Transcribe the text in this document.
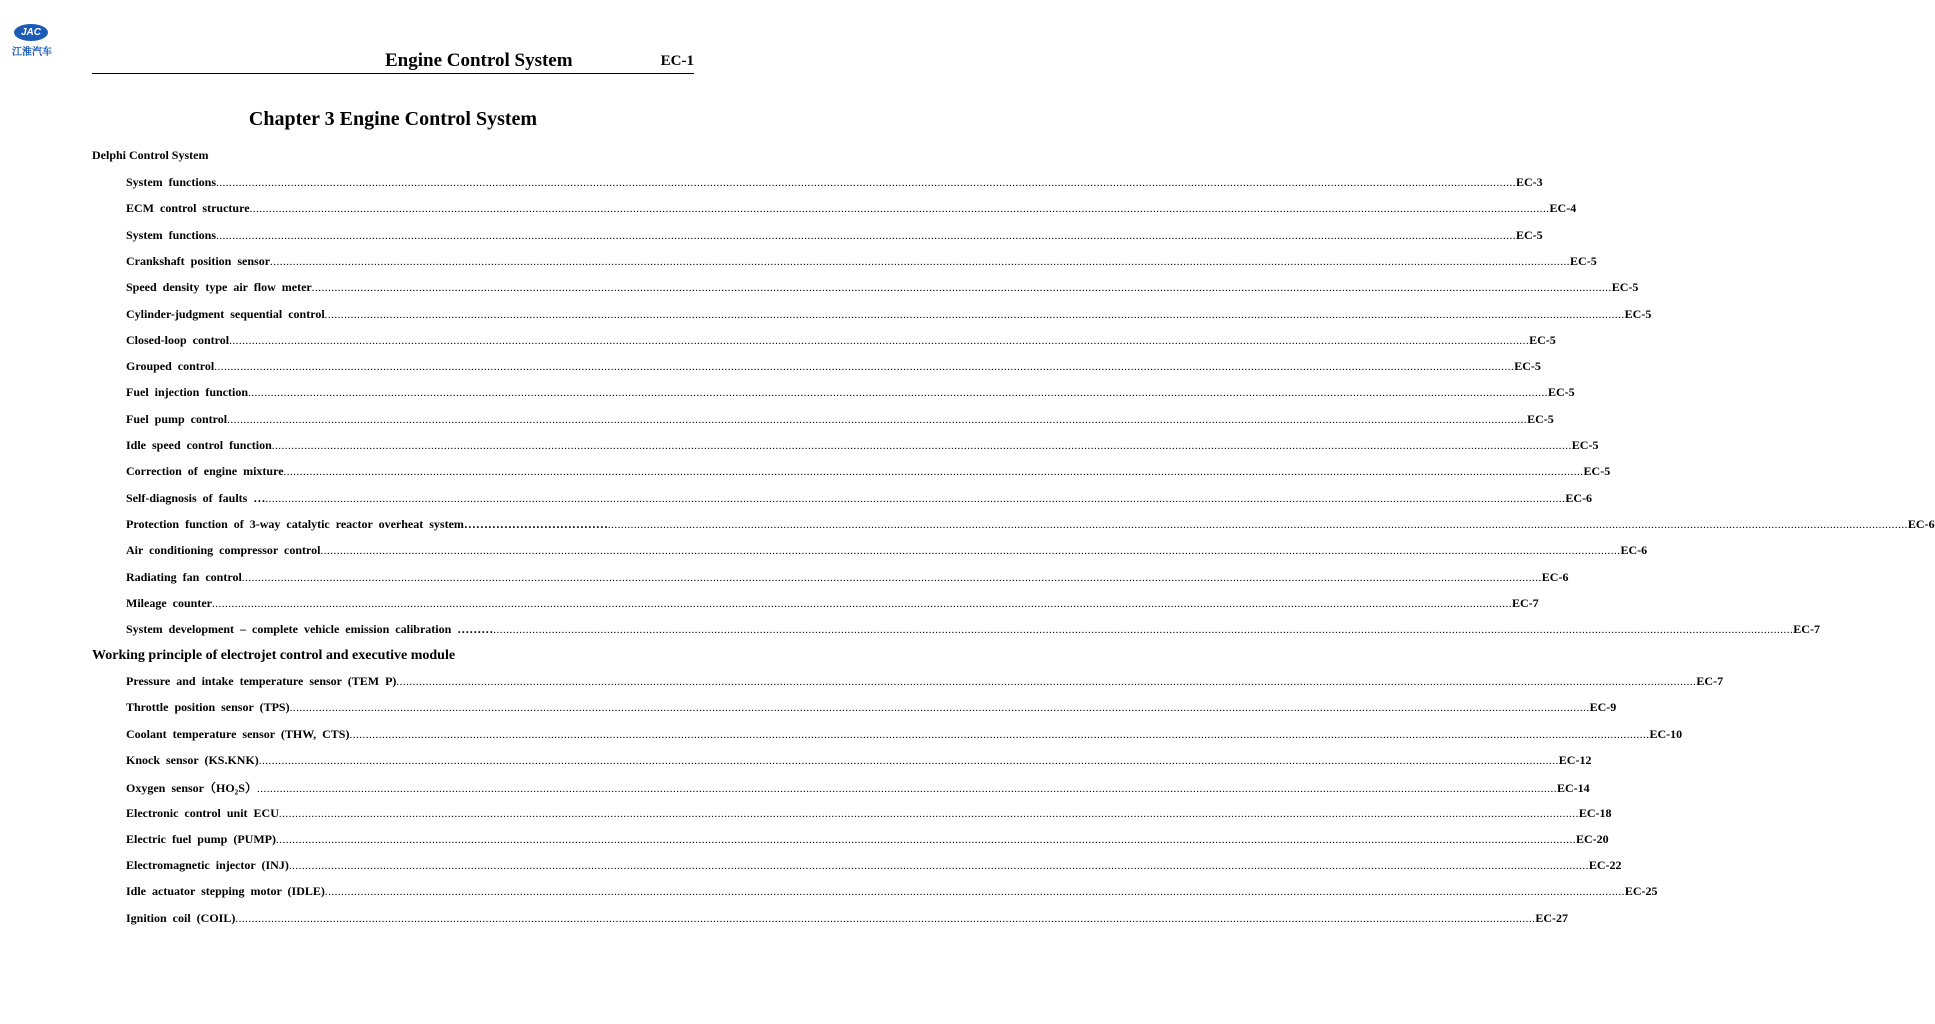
JAC
江淮汽车	Engine Control System	EC-1
Chapter 3 Engine Control System
Delphi Control System
System functions ................................................................................................................................................................................................................................................................................................................................................................................................................ EC-3
ECM control structure ................................................................................................................................................................................................................................................................................................................................................................................................................ EC-4
System functions ................................................................................................................................................................................................................................................................................................................................................................................................................ EC-5
Crankshaft position sensor ................................................................................................................................................................................................................................................................................................................................................................................................................ EC-5
Speed density type air flow meter ................................................................................................................................................................................................................................................................................................................................................................................................................ EC-5
Cylinder-judgment sequential control ................................................................................................................................................................................................................................................................................................................................................................................................................ EC-5
Closed-loop control ................................................................................................................................................................................................................................................................................................................................................................................................................ EC-5
Grouped control ................................................................................................................................................................................................................................................................................................................................................................................................................ EC-5
Fuel injection function ................................................................................................................................................................................................................................................................................................................................................................................................................ EC-5
Fuel pump control ................................................................................................................................................................................................................................................................................................................................................................................................................ EC-5
Idle speed control function ................................................................................................................................................................................................................................................................................................................................................................................................................ EC-5
Correction of engine mixture ................................................................................................................................................................................................................................................................................................................................................................................................................ EC-5
Self-diagnosis of faults … ................................................................................................................................................................................................................................................................................................................................................................................................................ EC-6
Protection function of 3-way catalytic reactor overheat system……………………………… ................................................................................................................................................................................................................................................................................................................................................................................................................ EC-6
Air conditioning compressor control ................................................................................................................................................................................................................................................................................................................................................................................................................ EC-6
Radiating fan control ................................................................................................................................................................................................................................................................................................................................................................................................................ EC-6
Mileage counter ................................................................................................................................................................................................................................................................................................................................................................................................................ EC-7
System development – complete vehicle emission calibration ……… ................................................................................................................................................................................................................................................................................................................................................................................................................ EC-7
Working principle of electrojet control and executive module
Pressure and intake temperature sensor (TEM P) ................................................................................................................................................................................................................................................................................................................................................................................................................ EC-7
Throttle position sensor (TPS) ................................................................................................................................................................................................................................................................................................................................................................................................................ EC-9
Coolant temperature sensor (THW, CTS) ................................................................................................................................................................................................................................................................................................................................................................................................................ EC-10
Knock sensor (KS.KNK) ................................................................................................................................................................................................................................................................................................................................................................................................................ EC-12
Oxygen sensor（HO₂S） ................................................................................................................................................................................................................................................................................................................................................................................................................ EC-14
Electronic control unit ECU ................................................................................................................................................................................................................................................................................................................................................................................................................ EC-18
Electric fuel pump (PUMP) ................................................................................................................................................................................................................................................................................................................................................................................................................ EC-20
Electromagnetic injector (INJ) ................................................................................................................................................................................................................................................................................................................................................................................................................ EC-22
Idle actuator stepping motor (IDLE) ................................................................................................................................................................................................................................................................................................................................................................................................................ EC-25
Ignition coil (COIL) ................................................................................................................................................................................................................................................................................................................................................................................................................ EC-27
